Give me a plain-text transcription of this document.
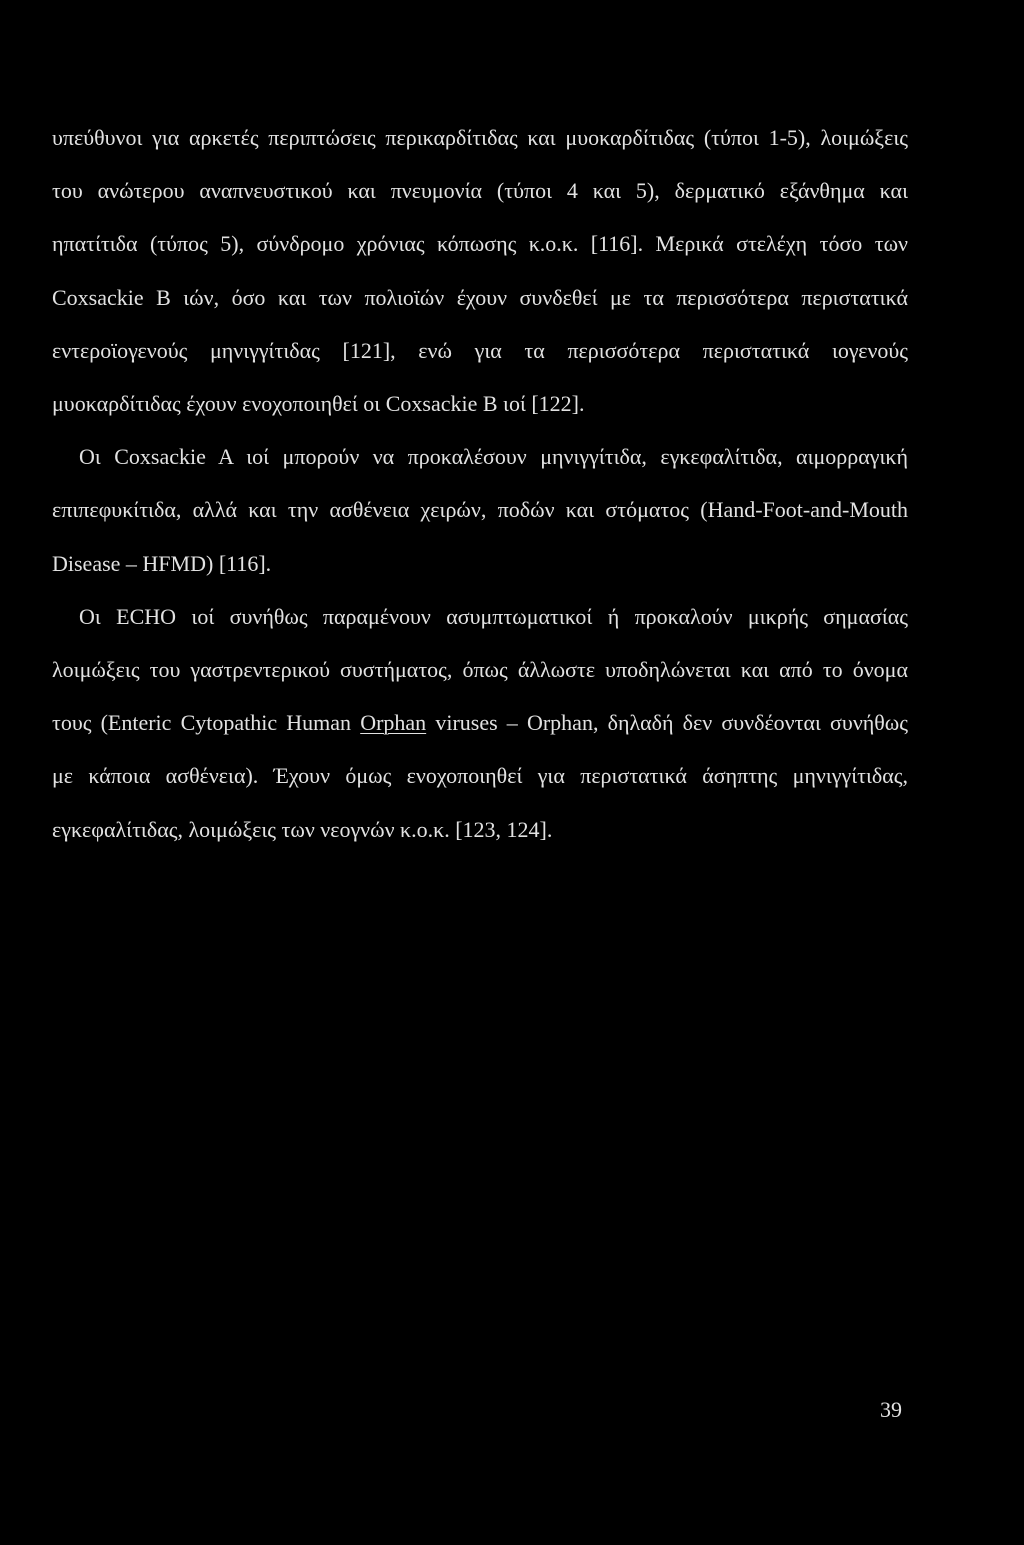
υπεύθυνοι για αρκετές περιπτώσεις περικαρδίτιδας και μυοκαρδίτιδας (τύποι 1-5), λοιμώξεις
του ανώτερου αναπνευστικού και πνευμονία (τύποι 4 και 5), δερματικό εξάνθημα και
ηπατίτιδα (τύπος 5), σύνδρομο χρόνιας κόπωσης κ.ο.κ. [116]. Μερικά στελέχη τόσο των
Coxsackie B ιών, όσο και των πολιοϊών έχουν συνδεθεί με τα περισσότερα περιστατικά
εντεροϊογενούς μηνιγγίτιδας [121], ενώ για τα περισσότερα περιστατικά ιογενούς
μυοκαρδίτιδας έχουν ενοχοποιηθεί οι Coxsackie B ιοί [122].
Οι Coxsackie A ιοί μπορούν να προκαλέσουν μηνιγγίτιδα, εγκεφαλίτιδα, αιμορραγική
επιπεφυκίτιδα, αλλά και την ασθένεια χειρών, ποδών και στόματος (Hand-Foot-and-Mouth
Disease – HFMD) [116].
Οι ECHO ιοί συνήθως παραμένουν ασυμπτωματικοί ή προκαλούν μικρής σημασίας
λοιμώξεις του γαστρεντερικού συστήματος, όπως άλλωστε υποδηλώνεται και από το όνομα
τους (Enteric Cytopathic Human Orphan viruses – Orphan, δηλαδή δεν συνδέονται συνήθως
με κάποια ασθένεια). Έχουν όμως ενοχοποιηθεί για περιστατικά άσηπτης μηνιγγίτιδας,
εγκεφαλίτιδας, λοιμώξεις των νεογνών κ.ο.κ. [123, 124].
39
